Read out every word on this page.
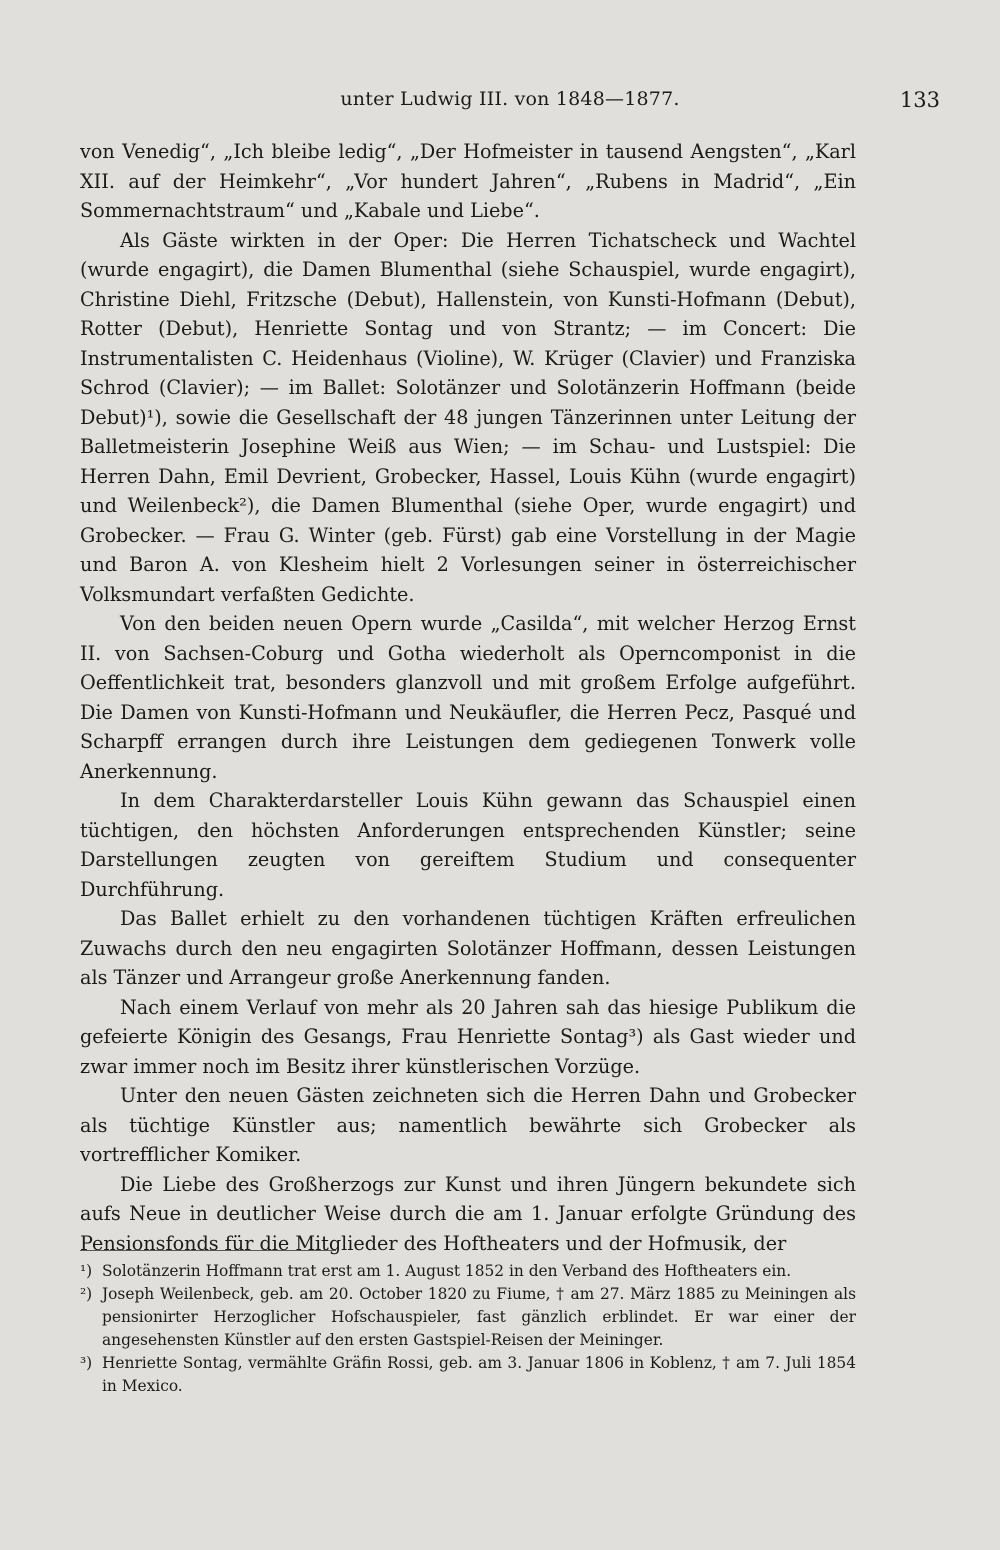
unter Ludwig III. von 1848—1877.	133

von Venedig“, „Ich bleibe ledig“, „Der Hofmeister in tausend Aengsten“, „Karl XII. auf der Heimkehr“, „Vor hundert Jahren“, „Rubens in Madrid“, „Ein Sommernachtstraum“ und „Kabale und Liebe“.

Als Gäste wirkten in der Oper: Die Herren Tichatscheck und Wachtel (wurde engagirt), die Damen Blumenthal (siehe Schauspiel, wurde engagirt), Christine Diehl, Fritzsche (Debut), Hallenstein, von Kunsti-Hofmann (Debut), Rotter (Debut), Henriette Sontag und von Strantz; — im Concert: Die Instrumentalisten C. Heidenhaus (Violine), W. Krüger (Clavier) und Franziska Schrod (Clavier); — im Ballet: Solotänzer und Solotänzerin Hoffmann (beide Debut)¹), sowie die Gesellschaft der 48 jungen Tänzerinnen unter Leitung der Balletmeisterin Josephine Weiß aus Wien; — im Schau- und Lustspiel: Die Herren Dahn, Emil Devrient, Grobecker, Hassel, Louis Kühn (wurde engagirt) und Weilenbeck²), die Damen Blumenthal (siehe Oper, wurde engagirt) und Grobecker. — Frau G. Winter (geb. Fürst) gab eine Vorstellung in der Magie und Baron A. von Klesheim hielt 2 Vorlesungen seiner in österreichischer Volksmundart verfaßten Gedichte.

Von den beiden neuen Opern wurde „Casilda“, mit welcher Herzog Ernst II. von Sachsen-Coburg und Gotha wiederholt als Operncomponist in die Oeffentlichkeit trat, besonders glanzvoll und mit großem Erfolge aufgeführt. Die Damen von Kunsti-Hofmann und Neukäufler, die Herren Pecz, Pasqué und Scharpff errangen durch ihre Leistungen dem gediegenen Tonwerk volle Anerkennung.

In dem Charakterdarsteller Louis Kühn gewann das Schauspiel einen tüchtigen, den höchsten Anforderungen entsprechenden Künstler; seine Darstellungen zeugten von gereiftem Studium und consequenter Durchführung.

Das Ballet erhielt zu den vorhandenen tüchtigen Kräften erfreulichen Zuwachs durch den neu engagirten Solotänzer Hoffmann, dessen Leistungen als Tänzer und Arrangeur große Anerkennung fanden.

Nach einem Verlauf von mehr als 20 Jahren sah das hiesige Publikum die gefeierte Königin des Gesangs, Frau Henriette Sontag³) als Gast wieder und zwar immer noch im Besitz ihrer künstlerischen Vorzüge.

Unter den neuen Gästen zeichneten sich die Herren Dahn und Grobecker als tüchtige Künstler aus; namentlich bewährte sich Grobecker als vortrefflicher Komiker.

Die Liebe des Großherzogs zur Kunst und ihren Jüngern bekundete sich aufs Neue in deutlicher Weise durch die am 1. Januar erfolgte Gründung des Pensionsfonds für die Mitglieder des Hoftheaters und der Hofmusik, der

¹) Solotänzerin Hoffmann trat erst am 1. August 1852 in den Verband des Hoftheaters ein.

²) Joseph Weilenbeck, geb. am 20. October 1820 zu Fiume, † am 27. März 1885 zu Meiningen als pensionirter Herzoglicher Hofschauspieler, fast gänzlich erblindet. Er war einer der angesehensten Künstler auf den ersten Gastspiel-Reisen der Meininger.

³) Henriette Sontag, vermählte Gräfin Rossi, geb. am 3. Januar 1806 in Koblenz, † am 7. Juli 1854 in Mexico.
